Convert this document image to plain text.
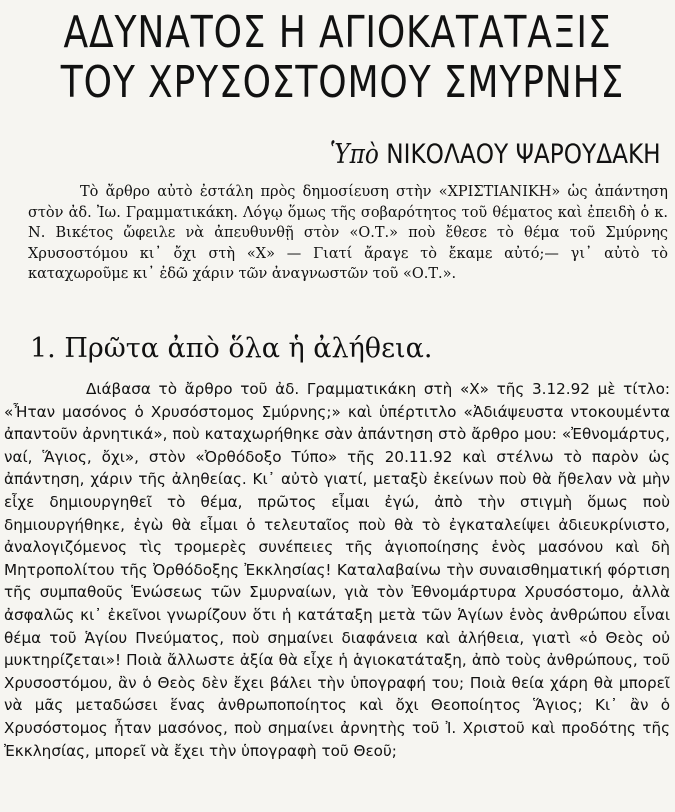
ΑΔΥΝΑΤΟΣ Η ΑΓΙΟΚΑΤΑΤΑΞΙΣ
ΤΟΥ ΧΡΥΣΟΣΤΟΜΟΥ ΣΜΥΡΝΗΣ
Ὑπὸ ΝΙΚΟΛΑΟΥ ΨΑΡΟΥΔΑΚΗ

Τὸ ἄρθρο αὐτὸ ἐστάλη πρὸς δημοσίευση στὴν «ΧΡΙΣΤΙΑΝΙΚΗ» ὡς ἀπάντηση στὸν ἀδ. Ἰω. Γραμματικάκη. Λόγῳ ὅμως τῆς σοβαρότητος τοῦ θέματος καὶ ἐπειδὴ ὁ κ. Ν. Βικέτος ὤφειλε νὰ ἀπευθυνθῇ στὸν «Ο.Τ.» ποὺ ἔθεσε τὸ θέμα τοῦ Σμύρνης Χρυσοστόμου κι᾿ ὄχι στὴ «Χ» — Γιατί ἄραγε τὸ ἔκαμε αὐτό;— γι᾿ αὐτὸ τὸ καταχωροῦμε κι᾿ ἐδῶ χάριν τῶν ἀναγνωστῶν τοῦ «Ο.Τ.».

1. Πρῶτα ἀπὸ ὅλα ἡ ἀλήθεια.

Διάβασα τὸ ἄρθρο τοῦ ἀδ. Γραμματικάκη στὴ «Χ» τῆς 3.12.92 μὲ τίτλο: «Ἦταν μασόνος ὁ Χρυσόστομος Σμύρνης;» καὶ ὑπέρτιτλο «Ἀδιάψευστα ντοκουμέντα ἀπαντοῦν ἀρνητικά», ποὺ καταχωρήθηκε σὰν ἀπάντηση στὸ ἄρθρο μου: «Ἐθνομάρτυς, ναί, Ἅγιος, ὄχι», στὸν «Ὀρθόδοξο Τύπο» τῆς 20.11.92 καὶ στέλνω τὸ παρὸν ὡς ἀπάντηση, χάριν τῆς ἀληθείας. Κι᾿ αὐτὸ γιατί, μεταξὺ ἐκείνων ποὺ θὰ ἤθελαν νὰ μὴν εἶχε δημιουργηθεῖ τὸ θέμα, πρῶτος εἶμαι ἐγώ, ἀπὸ τὴν στιγμὴ ὅμως ποὺ δημιουργήθηκε, ἐγὼ θὰ εἶμαι ὁ τελευταῖος ποὺ θὰ τὸ ἐγκαταλείψει ἀδιευκρίνιστο, ἀναλογιζόμενος τὶς τρομερὲς συνέπειες τῆς ἁγιοποίησης ἑνὸς μασόνου καὶ δὴ Μητροπολίτου τῆς Ὀρθόδοξης Ἐκκλησίας! Καταλαβαίνω τὴν συναισθηματική φόρτιση τῆς συμπαθοῦς Ἑνώσεως τῶν Σμυρναίων, γιὰ τὸν Ἐθνομάρτυρα Χρυσόστομο, ἀλλὰ ἀσφαλῶς κι᾿ ἐκεῖνοι γνωρίζουν ὅτι ἡ κατάταξη μετὰ τῶν Ἁγίων ἑνὸς ἀνθρώπου εἶναι θέμα τοῦ Ἁγίου Πνεύματος, ποὺ σημαίνει διαφάνεια καὶ ἀλήθεια, γιατὶ «ὁ Θεὸς οὐ μυκτηρίζεται»! Ποιὰ ἄλλωστε ἀξία θὰ εἶχε ἡ ἁγιοκατάταξη, ἀπὸ τοὺς ἀνθρώπους, τοῦ Χρυσοστόμου, ἂν ὁ Θεὸς δὲν ἔχει βάλει τὴν ὑπογραφή του; Ποιὰ θεία χάρη θὰ μπορεῖ νὰ μᾶς μεταδώσει ἕνας ἀνθρωποποίητος καὶ ὄχι Θεοποίητος Ἅγιος; Κι᾿ ἂν ὁ Χρυσόστομος ἦταν μασόνος, ποὺ σημαίνει ἀρνητὴς τοῦ Ἰ. Χριστοῦ καὶ προδότης τῆς Ἐκκλησίας, μπορεῖ νὰ ἔχει τὴν ὑπογραφὴ τοῦ Θεοῦ;
